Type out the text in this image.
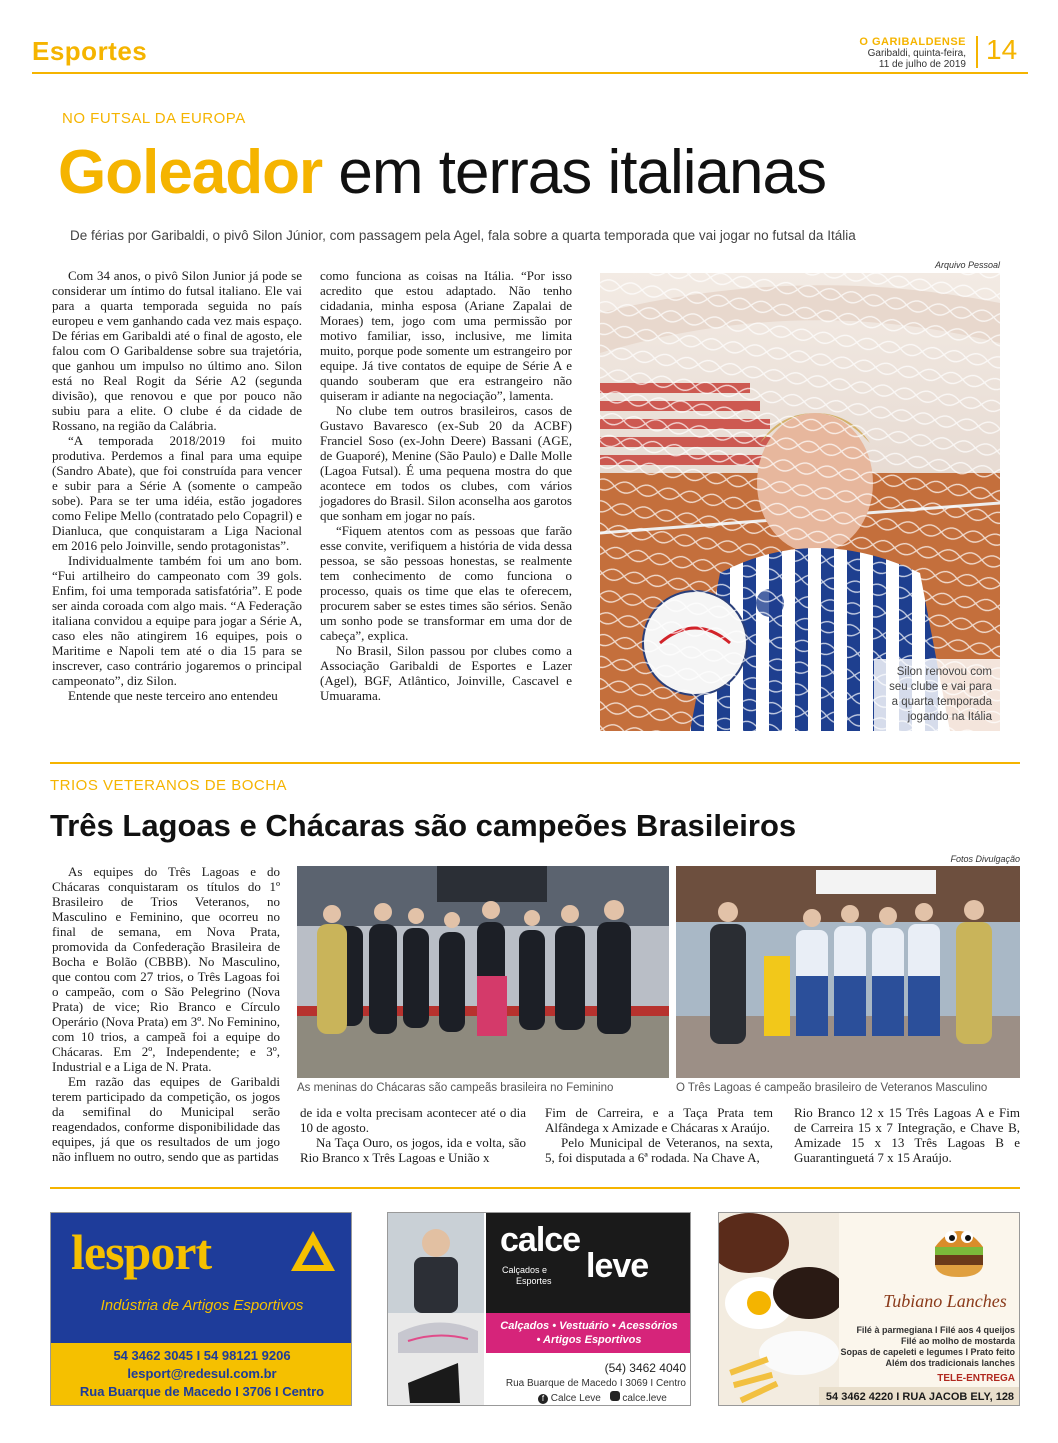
Esportes	O GARIBALDENSE
Garibaldi, quinta-feira,
11 de julho de 2019 14
NO FUTSAL DA EUROPA
Goleador em terras italianas
De férias por Garibaldi, o pivô Silon Júnior, com passagem pela Agel, fala sobre a quarta temporada que vai jogar no futsal da Itália

Com 34 anos, o pivô Silon Junior já pode se considerar um íntimo do futsal italiano. Ele vai para a quarta temporada seguida no país europeu e vem ganhando cada vez mais espaço. De férias em Garibaldi até o final de agosto, ele falou com O Garibaldense sobre sua trajetória, que ganhou um impulso no último ano. Silon está no Real Rogit da Série A2 (segunda divisão), que renovou e que por pouco não subiu para a elite. O clube é da cidade de Rossano, na região da Calábria.

“A temporada 2018/2019 foi muito produtiva. Perdemos a final para uma equipe (Sandro Abate), que foi construída para vencer e subir para a Série A (somente o campeão sobe). Para se ter uma idéia, estão jogadores como Felipe Mello (contratado pelo Copagril) e Dianluca, que conquistaram a Liga Nacional em 2016 pelo Joinville, sendo protagonistas”.

Individualmente também foi um ano bom. “Fui artilheiro do campeonato com 39 gols. Enfim, foi uma temporada satisfatória”. E pode ser ainda coroada com algo mais. “A Federação italiana convidou a equipe para jogar a Série A, caso eles não atingirem 16 equipes, pois o Maritime e Napoli tem até o dia 15 para se inscrever, caso contrário jogaremos o principal campeonato”, diz Silon.

Entende que neste terceiro ano entendeu

como funciona as coisas na Itália. “Por isso acredito que estou adaptado. Não tenho cidadania, minha esposa (Ariane Zapalai de Moraes) tem, jogo com uma permissão por motivo familiar, isso, inclusive, me limita muito, porque pode somente um estrangeiro por equipe. Já tive contatos de equipe de Série A e quando souberam que era estrangeiro não quiseram ir adiante na negociação”, lamenta.

No clube tem outros brasileiros, casos de Gustavo Bavaresco (ex-Sub 20 da ACBF) Franciel Soso (ex-John Deere) Bassani (AGE, de Guaporé), Menine (São Paulo) e Dalle Molle (Lagoa Futsal). É uma pequena mostra do que acontece em todos os clubes, com vários jogadores do Brasil. Silon aconselha aos garotos que sonham em jogar no país.

“Fiquem atentos com as pessoas que farão esse convite, verifiquem a história de vida dessa pessoa, se são pessoas honestas, se realmente tem conhecimento de como funciona o processo, quais os time que elas te oferecem, procurem saber se estes times são sérios. Senão um sonho pode se transformar em uma dor de cabeça”, explica.

No Brasil, Silon passou por clubes como a Associação Garibaldi de Esportes e Lazer (Agel), BGF, Atlântico, Joinville, Cascavel e Umuarama.

Arquivo Pessoal
Silon renovou com seu clube e vai para a quarta temporada jogando na Itália
TRIOS VETERANOS DE BOCHA
Três Lagoas e Chácaras são campeões Brasileiros

As equipes do Três Lagoas e do Chácaras conquistaram os títulos do 1º Brasileiro de Trios Veteranos, no Masculino e Feminino, que ocorreu no final de semana, em Nova Prata, promovida da Confederação Brasileira de Bocha e Bolão (CBBB). No Masculino, que contou com 27 trios, o Três Lagoas foi o campeão, com o São Pelegrino (Nova Prata) de vice; Rio Branco e Círculo Operário (Nova Prata) em 3º. No Feminino, com 10 trios, a campeã foi a equipe do Chácaras. Em 2º, Independente; e 3º, Industrial e a Liga de N. Prata.

Em razão das equipes de Garibaldi terem participado da competição, os jogos da semifinal do Municipal serão reagendados, conforme disponibilidade das equipes, já que os resultados de um jogo não influem no outro, sendo que as partidas

Fotos Divulgação
As meninas do Chácaras são campeãs brasileira no Feminino	O Três Lagoas é campeão brasileiro de Veteranos Masculino

de ida e volta precisam acontecer até o dia 10 de agosto.

Na Taça Ouro, os jogos, ida e volta, são Rio Branco x Três Lagoas e União x

Fim de Carreira, e a Taça Prata tem Alfândega x Amizade e Chácaras x Araújo.

Pelo Municipal de Veteranos, na sexta, 5, foi disputada a 6ª rodada. Na Chave A,

Rio Branco 12 x 15 Três Lagoas A e Fim de Carreira 15 x 7 Integração, e Chave B, Amizade 15 x 13 Três Lagoas B e Guarantinguetá 7 x 15 Araújo.

lesport
Indústria de Artigos Esportivos
54 3462 3045 I 54 98121 9206
lesport@redesul.com.br
Rua Buarque de Macedo I 3706 I Centro
calce
leve
Calçados e
Esportes
Calçados • Vestuário • Acessórios
• Artigos Esportivos
(54) 3462 4040
Rua Buarque de Macedo I 3069 I Centro
f Calce Leve calce.leve
Tubiano Lanches
Filé à parmegiana I Filé aos 4 queijos
Filé ao molho de mostarda
Sopas de capeleti e legumes I Prato feito
Além dos tradicionais lanches
TELE-ENTREGA
54 3462 4220 I RUA JACOB ELY, 128
